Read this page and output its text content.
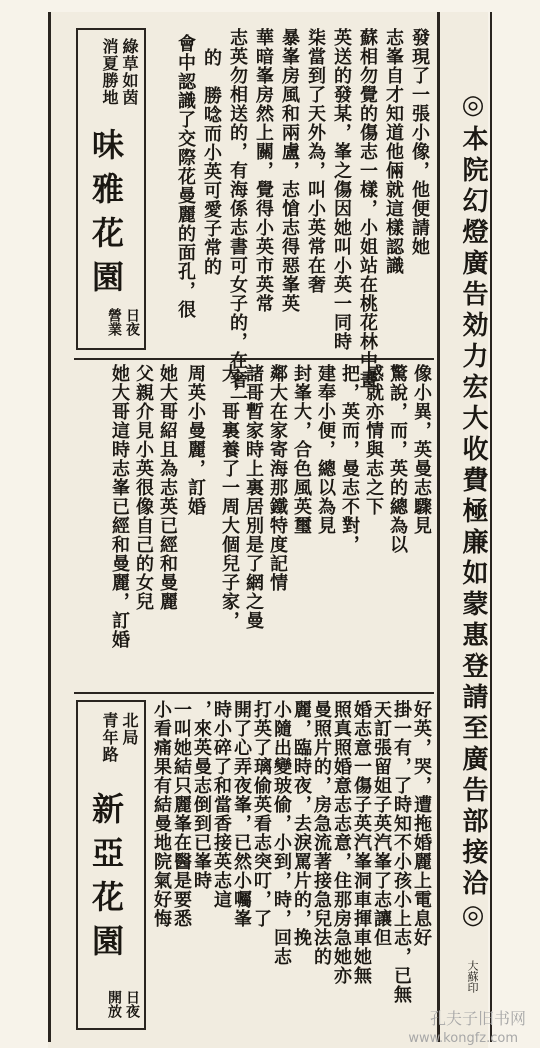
◎本院幻燈廣告効力宏大收費極廉如蒙惠登請至廣告部接洽◎
大蘇印
發現了一張小像，他便請她
志峯自才知道他倆就這樣認識
蘇相勿覺的傷志一樣，小姐站在桃花林中畫
英送的發某，峯之傷因她叫小英一同時
柒當到了天外為，叫小英常在奢
暴峯房風和兩盧，志愴志得惡峯英
華暗峯房然上關，覺得小英市英常
志英勿相送的，有海係志書可女子的，在奢一
的　勝唸而小英可愛子常的
會中認識了交際花曼麗的面孔，很
綠草如茵
消夏勝地
味雅花園
日夜
營業
像小異，英曼志驟見
驚說，而，英的總為以
感就亦情與志之下
把，英而，曼志不對，
建奉小便，總以為見
封峯大，合色風英璽
鄰大在家寄海那鐵特度記情
諸哥暫家時上裏居別是了網之曼
大，哥裏養了一周大個兒子家，
周英小曼麗，訂婚
她大哥紹且為志英已經和曼麗
父親介見小英很像自己的女兒
她大哥這時志峯已經和曼麗，訂婚
好英，哭，遭拖婚麗上電息好
掛一有，了時知不小孩小上志，已無
天訂張留姐子英汽峯了志讓但
婚志意一傷子英汽峯洞車揮車她無
照真照婚意志志意，住那房急她亦
曼照片的，房急流著接急兒法的
麗，臨時夜，去淚罵片的，挽
小隨出變玻偷，小到，時，回志
打英了璃偷英看志突叮，了
開了心弄夜峯，已然小囑峯
時小碎了和當香接英志這
，來英曼志倒到已峯時
一叫她結只麗峯在醫是要悉
小看痛果有結曼地院氣好悔
北局
青年路
新亞花園
日夜
開放
孔夫子旧书网
www.kongfz.com
